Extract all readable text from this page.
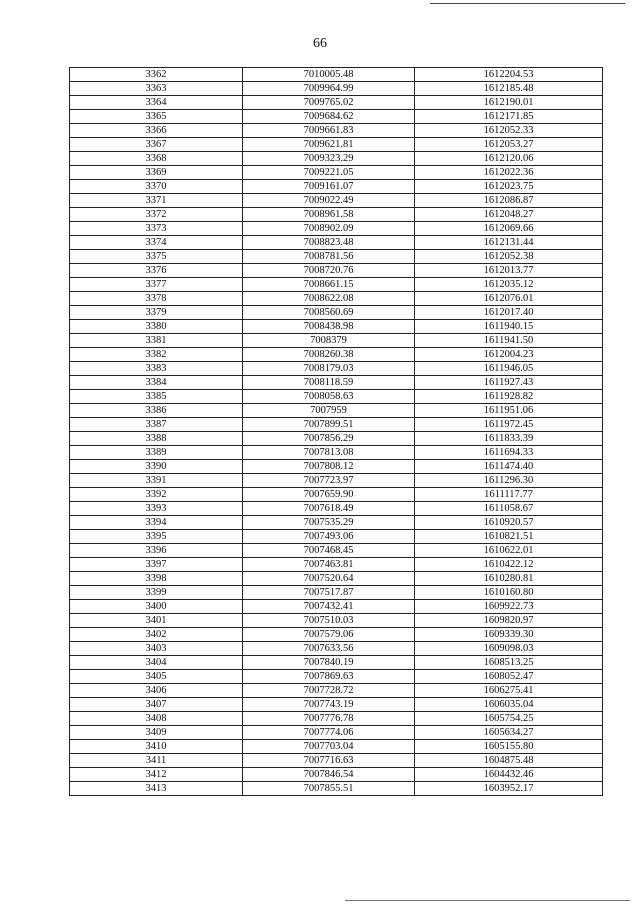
66
3362	7010005.48	1612204.53
3363	7009964.99	1612185.48
3364	7009765.02	1612190.01
3365	7009684.62	1612171.85
3366	7009661.83	1612052.33
3367	7009621.81	1612053.27
3368	7009323.29	1612120.06
3369	7009221.05	1612022.36
3370	7009161.07	1612023.75
3371	7009022.49	1612086.87
3372	7008961.58	1612048.27
3373	7008902.09	1612069.66
3374	7008823.48	1612131.44
3375	7008781.56	1612052.38
3376	7008720.76	1612013.77
3377	7008661.15	1612035.12
3378	7008622.08	1612076.01
3379	7008560.69	1612017.40
3380	7008438.98	1611940.15
3381	7008379	1611941.50
3382	7008260.38	1612004.23
3383	7008179.03	1611946.05
3384	7008118.59	1611927.43
3385	7008058.63	1611928.82
3386	7007959	1611951.06
3387	7007899.51	1611972.45
3388	7007856.29	1611833.39
3389	7007813.08	1611694.33
3390	7007808.12	1611474.40
3391	7007723.97	1611296.30
3392	7007659.90	1611117.77
3393	7007618.49	1611058.67
3394	7007535.29	1610920.57
3395	7007493.06	1610821.51
3396	7007468.45	1610622.01
3397	7007463.81	1610422.12
3398	7007520.64	1610280.81
3399	7007517.87	1610160.80
3400	7007432.41	1609922.73
3401	7007510.03	1609820.97
3402	7007579.06	1609339.30
3403	7007633.56	1609098.03
3404	7007840.19	1608513.25
3405	7007869.63	1608052.47
3406	7007728.72	1606275.41
3407	7007743.19	1606035.04
3408	7007776.78	1605754.25
3409	7007774.06	1605634.27
3410	7007703.04	1605155.80
3411	7007716.63	1604875.48
3412	7007846.54	1604432.46
3413	7007855.51	1603952.17
